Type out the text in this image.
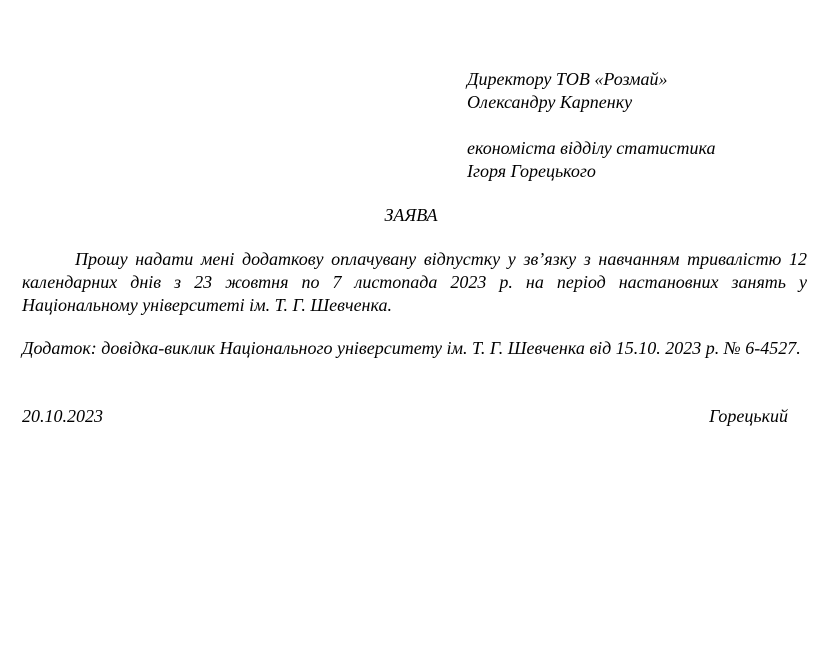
Директору ТОВ «Розмай»
Олександру Карпенку
економіста відділу статистика
Ігоря Горецького
ЗАЯВА

Прошу надати мені додаткову оплачувану відпустку у зв’язку з навчанням тривалістю 12 календарних днів з 23 жовтня по 7 листопада 2023 р. на період настановних занять у Національному університеті ім. Т. Г. Шевченка.

Додаток: довідка-виклик Національного університету ім. Т. Г. Шевченка від 15.10. 2023 р. № 6-4527.

20.10.2023	Горецький
